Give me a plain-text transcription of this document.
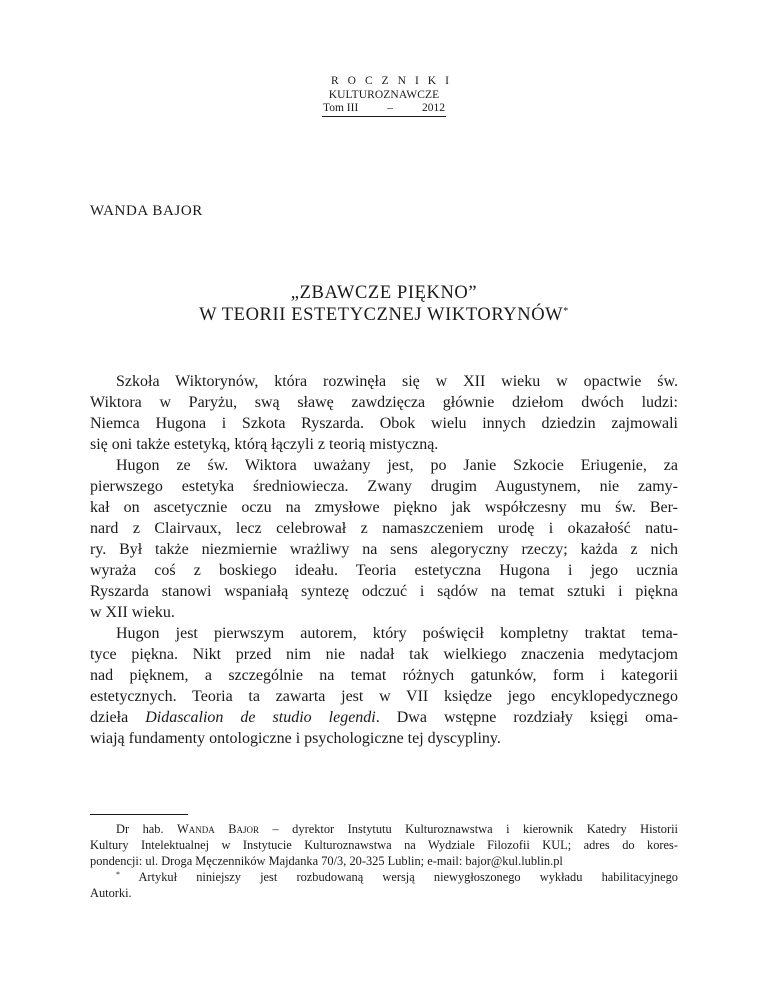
ROCZNIKI
KULTUROZNAWCZE
Tom III	–	2012
WANDA BAJOR
„ZBAWCZE PIĘKNO”
W TEORII ESTETYCZNEJ WIKTORYNÓW*

Szkoła Wiktorynów, która rozwinęła się w XII wieku w opactwie św.
Wiktora w Paryżu, swą sławę zawdzięcza głównie dziełom dwóch ludzi:
Niemca Hugona i Szkota Ryszarda. Obok wielu innych dziedzin zajmowali
się oni także estetyką, którą łączyli z teorią mistyczną.

Hugon ze św. Wiktora uważany jest, po Janie Szkocie Eriugenie, za
pierwszego estetyka średniowiecza. Zwany drugim Augustynem, nie zamy-
kał on ascetycznie oczu na zmysłowe piękno jak współczesny mu św. Ber-
nard z Clairvaux, lecz celebrował z namaszczeniem urodę i okazałość natu-
ry. Był także niezmiernie wrażliwy na sens alegoryczny rzeczy; każda z nich
wyraża coś z boskiego ideału. Teoria estetyczna Hugona i jego ucznia
Ryszarda stanowi wspaniałą syntezę odczuć i sądów na temat sztuki i piękna
w XII wieku.

Hugon jest pierwszym autorem, który poświęcił kompletny traktat tema-
tyce piękna. Nikt przed nim nie nadał tak wielkiego znaczenia medytacjom
nad pięknem, a szczególnie na temat różnych gatunków, form i kategorii
estetycznych. Teoria ta zawarta jest w VII księdze jego encyklopedycznego
dzieła Didascalion de studio legendi. Dwa wstępne rozdziały księgi oma-
wiają fundamenty ontologiczne i psychologiczne tej dyscypliny.

Dr hab. Wanda Bajor – dyrektor Instytutu Kulturoznawstwa i kierownik Katedry Historii
Kultury Intelektualnej w Instytucie Kulturoznawstwa na Wydziale Filozofii KUL; adres do kores-
pondencji: ul. Droga Męczenników Majdanka 70/3, 20-325 Lublin; e-mail: bajor@kul.lublin.pl
* Artykuł niniejszy jest rozbudowaną wersją niewygłoszonego wykładu habilitacyjnego
Autorki.
